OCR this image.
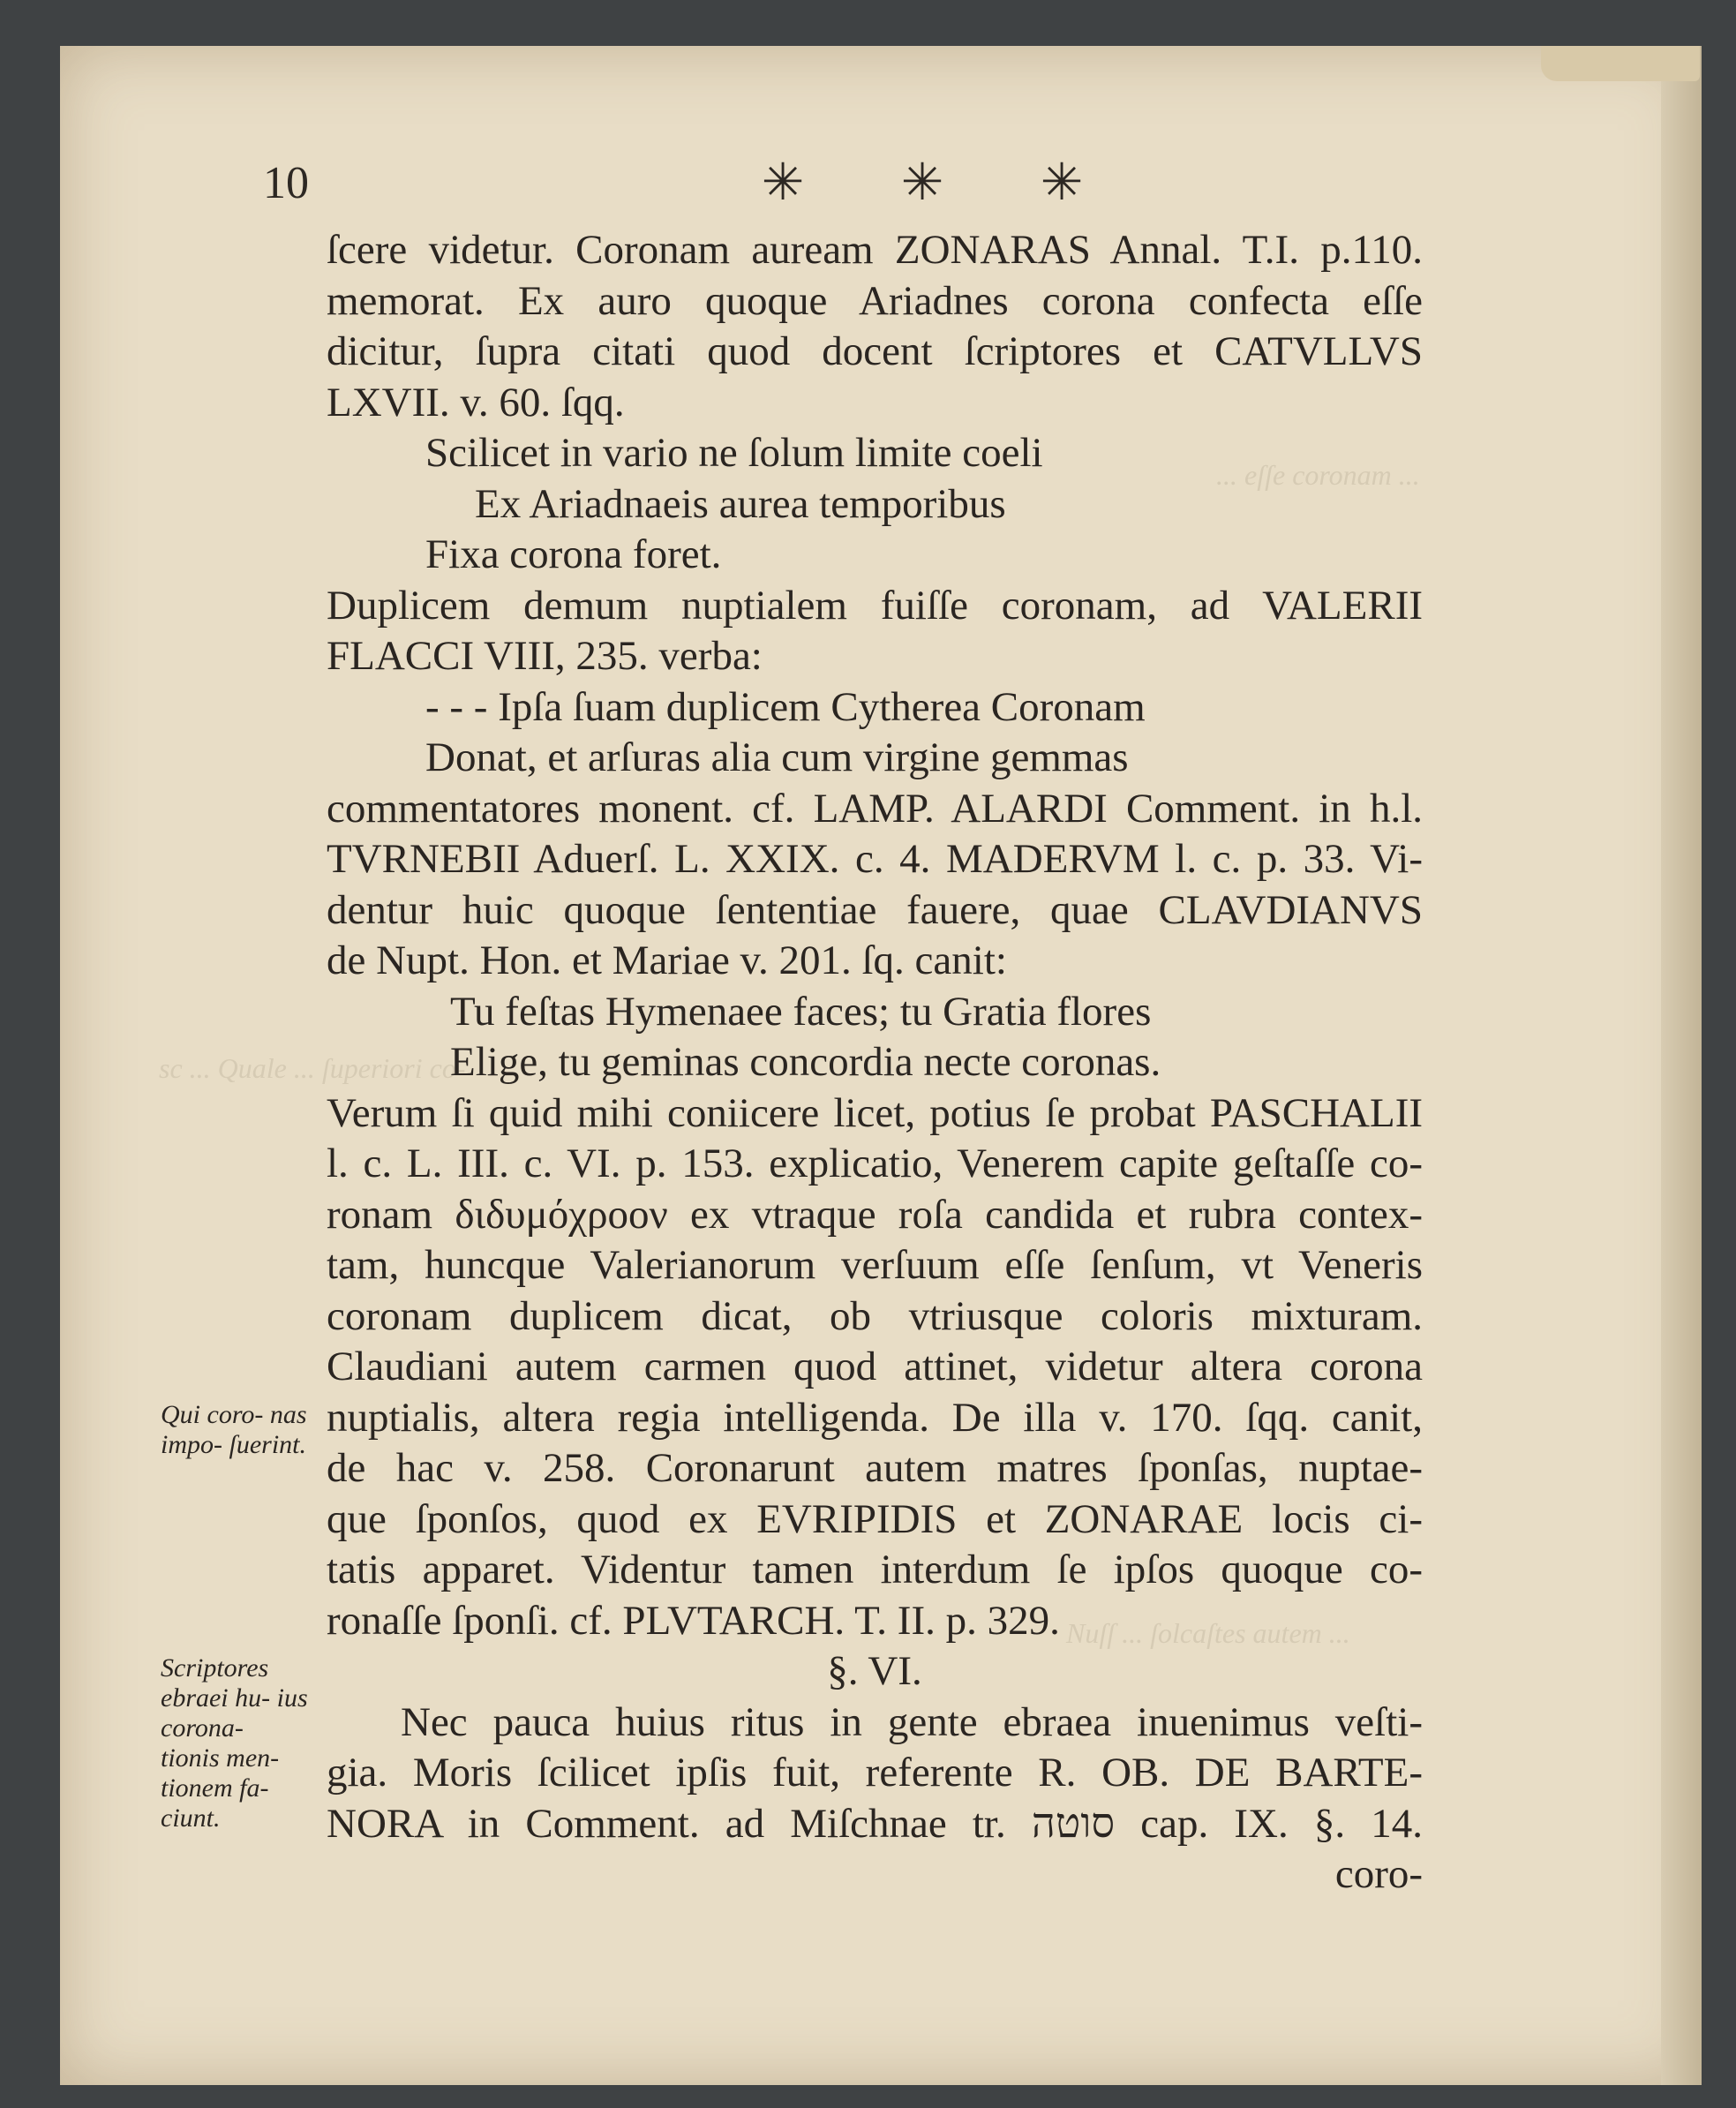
sc ... Quale ... ſuperiori co-
... eſſe coronam ...
Nuſſ ... ſolcaſtes autem ...
10	✳ ✳ ✳
ſcere videtur. Coronam auream ZONARAS Annal. T.I. p.110.
memorat. Ex auro quoque Ariadnes corona confecta eſſe
dicitur, ſupra citati quod docent ſcriptores et CATVLLVS
LXVII. v. 60. ſqq.
Scilicet in vario ne ſolum limite coeli
Ex Ariadnaeis aurea temporibus
Fixa corona foret.
Duplicem demum nuptialem fuiſſe coronam, ad VALERII
FLACCI VIII, 235. verba:
- - - Ipſa ſuam duplicem Cytherea Coronam
Donat, et arſuras alia cum virgine gemmas
commentatores monent. cf. LAMP. ALARDI Comment. in h.l.
TVRNEBII Aduerſ. L. XXIX. c. 4. MADERVM l. c. p. 33. Vi-
dentur huic quoque ſententiae fauere, quae CLAVDIANVS
de Nupt. Hon. et Mariae v. 201. ſq. canit:
Tu feſtas Hymenaee faces; tu Gratia flores
Elige, tu geminas concordia necte coronas.
Verum ſi quid mihi coniicere licet, potius ſe probat PASCHALII
l. c. L. III. c. VI. p. 153. explicatio, Venerem capite geſtaſſe co-
ronam διδυμόχροον ex vtraque roſa candida et rubra contex-
tam, huncque Valerianorum verſuum eſſe ſenſum, vt Veneris
coronam duplicem dicat, ob vtriusque coloris mixturam.
Claudiani autem carmen quod attinet, videtur altera corona
nuptialis, altera regia intelligenda. De illa v. 170. ſqq. canit,
de hac v. 258. Coronarunt autem matres ſponſas, nuptae-
que ſponſos, quod ex EVRIPIDIS et ZONARAE locis ci-
tatis apparet. Videntur tamen interdum ſe ipſos quoque co-
ronaſſe ſponſi. cf. PLVTARCH. T. II. p. 329.
§. VI.
Nec pauca huius ritus in gente ebraea inuenimus veſti-
gia. Moris ſcilicet ipſis fuit, referente R. OB. DE BARTE-
NORA in Comment. ad Miſchnae tr. סוטה cap. IX. §. 14.
coro-
Qui coro- nas impo- ſuerint.
Scriptores ebraei hu- ius corona- tionis men- tionem fa- ciunt.
